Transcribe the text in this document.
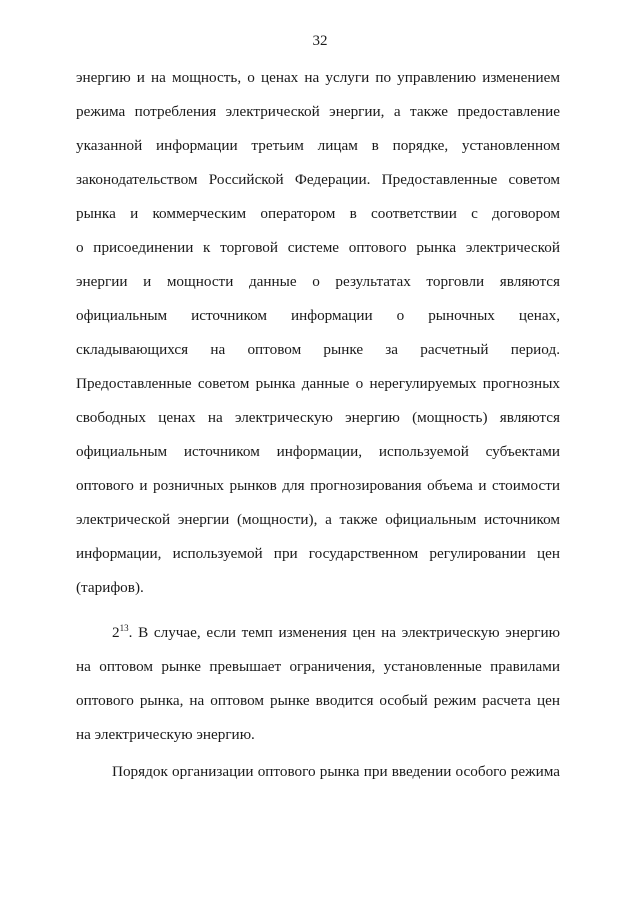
32
энергию и на мощность, о ценах на услуги по управлению изменением
режима потребления электрической энергии, а также предоставление
указанной информации третьим лицам в порядке, установленном
законодательством Российской Федерации. Предоставленные советом
рынка и коммерческим оператором в соответствии с договором
о присоединении к торговой системе оптового рынка электрической
энергии и мощности данные о результатах торговли являются
официальным источником информации о рыночных ценах,
складывающихся на оптовом рынке за расчетный период.
Предоставленные советом рынка данные о нерегулируемых прогнозных
свободных ценах на электрическую энергию (мощность) являются
официальным источником информации, используемой субъектами
оптового и розничных рынков для прогнозирования объема и стоимости
электрической энергии (мощности), а также официальным источником
информации, используемой при государственном регулировании цен
(тарифов).
$2^{13}$. В случае, если темп изменения цен на электрическую энергию
на оптовом рынке превышает ограничения, установленные правилами
оптового рынка, на оптовом рынке вводится особый режим расчета цен
на электрическую энергию.
Порядок организации оптового рынка при введении особого режима
